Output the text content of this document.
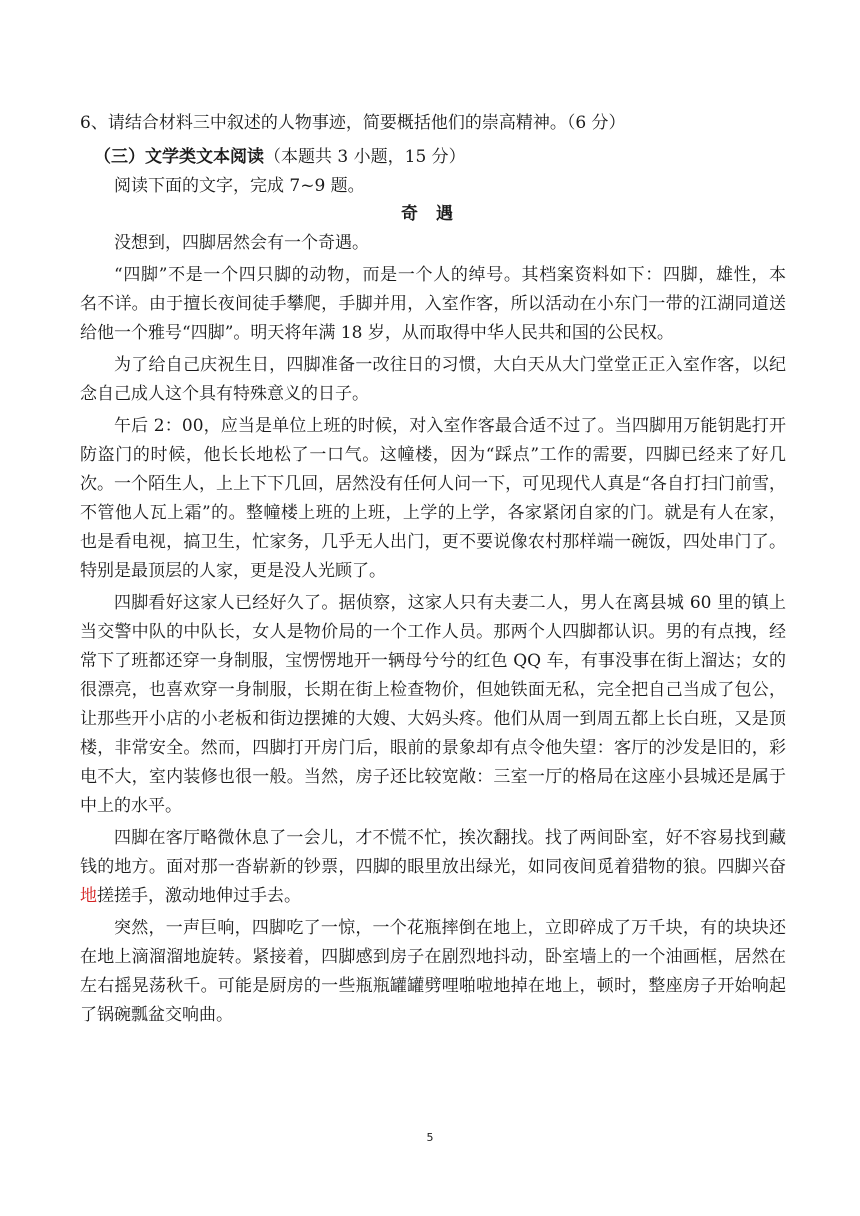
6、请结合材料三中叙述的人物事迹，简要概括他们的崇高精神。（6 分）
（三）文学类文本阅读（本题共 3 小题，15 分）
阅读下面的文字，完成 7~9 题。
奇 遇
没想到，四脚居然会有一个奇遇。
“四脚”不是一个四只脚的动物，而是一个人的绰号。其档案资料如下：四脚，雄性，本
名不详。由于擅长夜间徒手攀爬，手脚并用，入室作客，所以活动在小东门一带的江湖同道送
给他一个雅号“四脚”。明天将年满 18 岁，从而取得中华人民共和国的公民权。
为了给自己庆祝生日，四脚准备一改往日的习惯，大白天从大门堂堂正正入室作客，以纪
念自己成人这个具有特殊意义的日子。
午后 2：00，应当是单位上班的时候，对入室作客最合适不过了。当四脚用万能钥匙打开
防盗门的时候，他长长地松了一口气。这幢楼，因为“踩点”工作的需要，四脚已经来了好几
次。一个陌生人，上上下下几回，居然没有任何人问一下，可见现代人真是“各自打扫门前雪，
不管他人瓦上霜”的。整幢楼上班的上班，上学的上学，各家紧闭自家的门。就是有人在家，
也是看电视，搞卫生，忙家务，几乎无人出门，更不要说像农村那样端一碗饭，四处串门了。
特别是最顶层的人家，更是没人光顾了。
四脚看好这家人已经好久了。据侦察，这家人只有夫妻二人，男人在离县城 60 里的镇上
当交警中队的中队长，女人是物价局的一个工作人员。那两个人四脚都认识。男的有点拽，经
常下了班都还穿一身制服，宝愣愣地开一辆母兮兮的红色 QQ 车，有事没事在街上溜达；女的
很漂亮，也喜欢穿一身制服，长期在街上检查物价，但她铁面无私，完全把自己当成了包公，
让那些开小店的小老板和街边摆摊的大嫂、大妈头疼。他们从周一到周五都上长白班，又是顶
楼，非常安全。然而，四脚打开房门后，眼前的景象却有点令他失望：客厅的沙发是旧的，彩
电不大，室内装修也很一般。当然，房子还比较宽敞：三室一厅的格局在这座小县城还是属于
中上的水平。
四脚在客厅略微休息了一会儿，才不慌不忙，挨次翻找。找了两间卧室，好不容易找到藏
钱的地方。面对那一沓崭新的钞票，四脚的眼里放出绿光，如同夜间觅着猎物的狼。四脚兴奋
地搓搓手，激动地伸过手去。
突然，一声巨响，四脚吃了一惊，一个花瓶摔倒在地上，立即碎成了万千块，有的块块还
在地上滴溜溜地旋转。紧接着，四脚感到房子在剧烈地抖动，卧室墙上的一个油画框，居然在
左右摇晃荡秋千。可能是厨房的一些瓶瓶罐罐劈哩啪啦地掉在地上，顿时，整座房子开始响起
了锅碗瓢盆交响曲。
5
